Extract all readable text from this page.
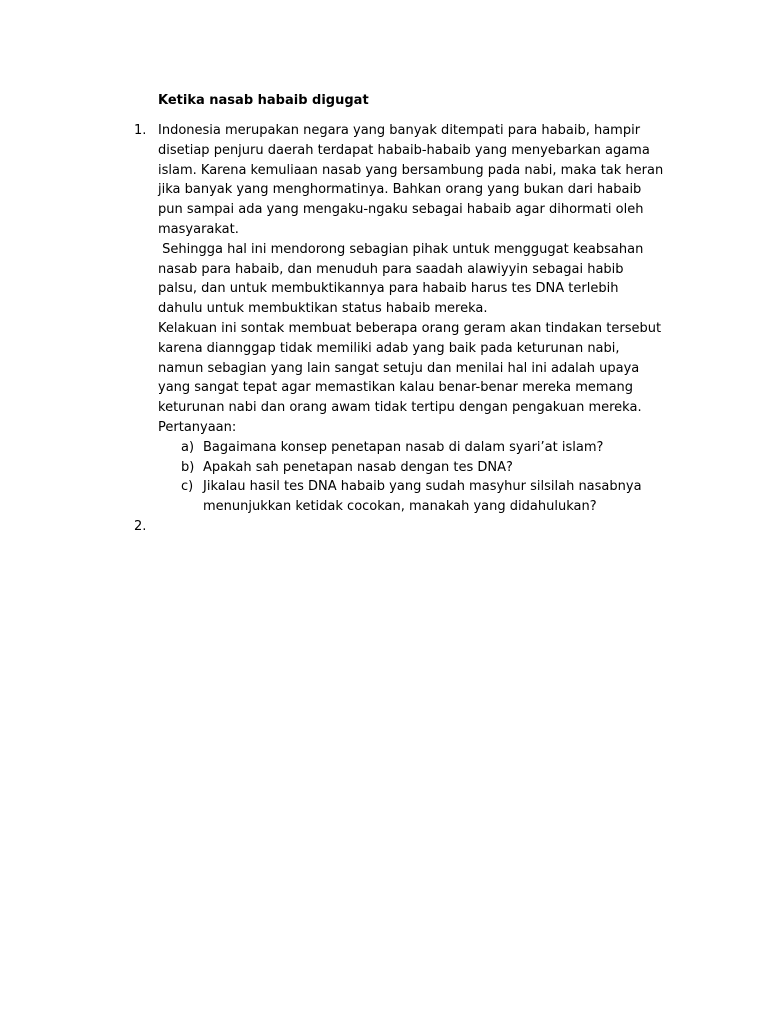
Ketika nasab habaib digugat
1. Indonesia merupakan negara yang banyak ditempati para habaib, hampir disetiap penjuru daerah terdapat habaib-habaib yang menyebarkan agama islam. Karena kemuliaan nasab yang bersambung pada nabi, maka tak heran jika banyak yang menghormatinya. Bahkan orang yang bukan dari habaib pun sampai ada yang mengaku-ngaku sebagai habaib agar dihormati oleh masyarakat.

Sehingga hal ini mendorong sebagian pihak untuk menggugat keabsahan nasab para habaib, dan menuduh para saadah alawiyyin sebagai habib palsu, dan untuk membuktikannya para habaib harus tes DNA terlebih dahulu untuk membuktikan status habaib mereka.

Kelakuan ini sontak membuat beberapa orang geram akan tindakan tersebut karena diannggap tidak memiliki adab yang baik pada keturunan nabi, namun sebagian yang lain sangat setuju dan menilai hal ini adalah upaya yang sangat tepat agar memastikan kalau benar-benar mereka memang keturunan nabi dan orang awam tidak tertipu dengan pengakuan mereka.

Pertanyaan:

a) Bagaimana konsep penetapan nasab di dalam syari’at islam?
b) Apakah sah penetapan nasab dengan tes DNA?
c) Jikalau hasil tes DNA habaib yang sudah masyhur silsilah nasabnya menunjukkan ketidak cocokan, manakah yang didahulukan?
2.
